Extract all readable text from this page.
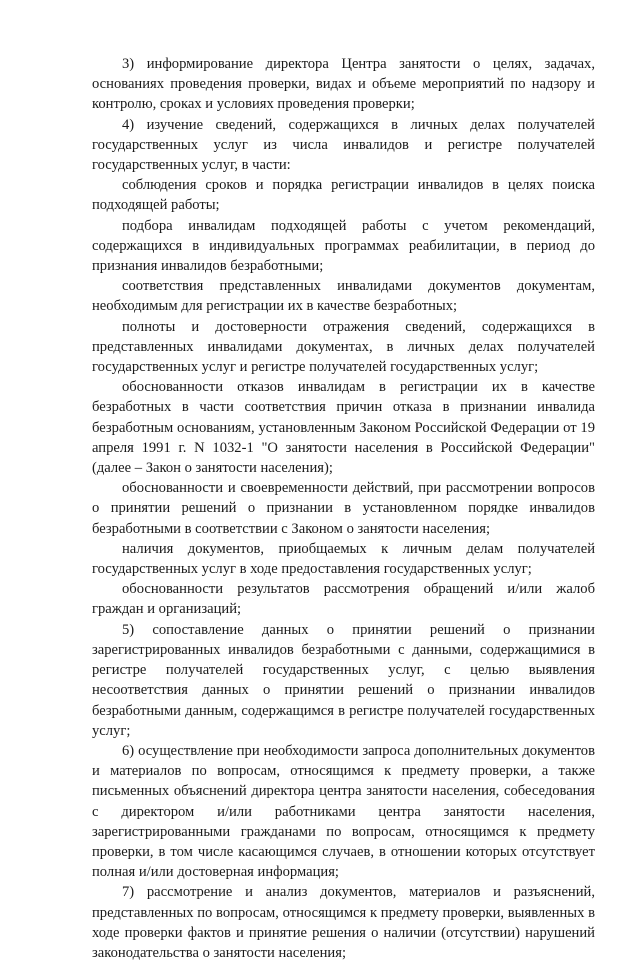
3) информирование директора Центра занятости о целях, задачах, основаниях проведения проверки, видах и объеме мероприятий по надзору и контролю, сроках и условиях проведения проверки;

4) изучение сведений, содержащихся в личных делах получателей государственных услуг из числа инвалидов и регистре получателей государственных услуг, в части:

соблюдения сроков и порядка регистрации инвалидов в целях поиска подходящей работы;

подбора инвалидам подходящей работы с учетом рекомендаций, содержащихся в индивидуальных программах реабилитации, в период до признания инвалидов безработными;

соответствия представленных инвалидами документов документам, необходимым для регистрации их в качестве безработных;

полноты и достоверности отражения сведений, содержащихся в представленных инвалидами документах, в личных делах получателей государственных услуг и регистре получателей государственных услуг;

обоснованности отказов инвалидам в регистрации их в качестве безработных в части соответствия причин отказа в признании инвалида безработным основаниям, установленным Законом Российской Федерации от 19 апреля 1991 г. N 1032-1 "О занятости населения в Российской Федерации" (далее – Закон о занятости населения);

обоснованности и своевременности действий, при рассмотрении вопросов о принятии решений о признании в установленном порядке инвалидов безработными в соответствии с Законом о занятости населения;

наличия документов, приобщаемых к личным делам получателей государственных услуг в ходе предоставления государственных услуг;

обоснованности результатов рассмотрения обращений и/или жалоб граждан и организаций;

5) сопоставление данных о принятии решений о признании зарегистрированных инвалидов безработными с данными, содержащимися в регистре получателей государственных услуг, с целью выявления несоответствия данных о принятии решений о признании инвалидов безработными данным, содержащимся в регистре получателей государственных услуг;

6) осуществление при необходимости запроса дополнительных документов и материалов по вопросам, относящимся к предмету проверки, а также письменных объяснений директора центра занятости населения, собеседования с директором и/или работниками центра занятости населения, зарегистрированными гражданами по вопросам, относящимся к предмету проверки, в том числе касающимся случаев, в отношении которых отсутствует полная и/или достоверная информация;

7) рассмотрение и анализ документов, материалов и разъяснений, представленных по вопросам, относящимся к предмету проверки, выявленных в ходе проверки фактов и принятие решения о наличии (отсутствии) нарушений законодательства о занятости населения;
